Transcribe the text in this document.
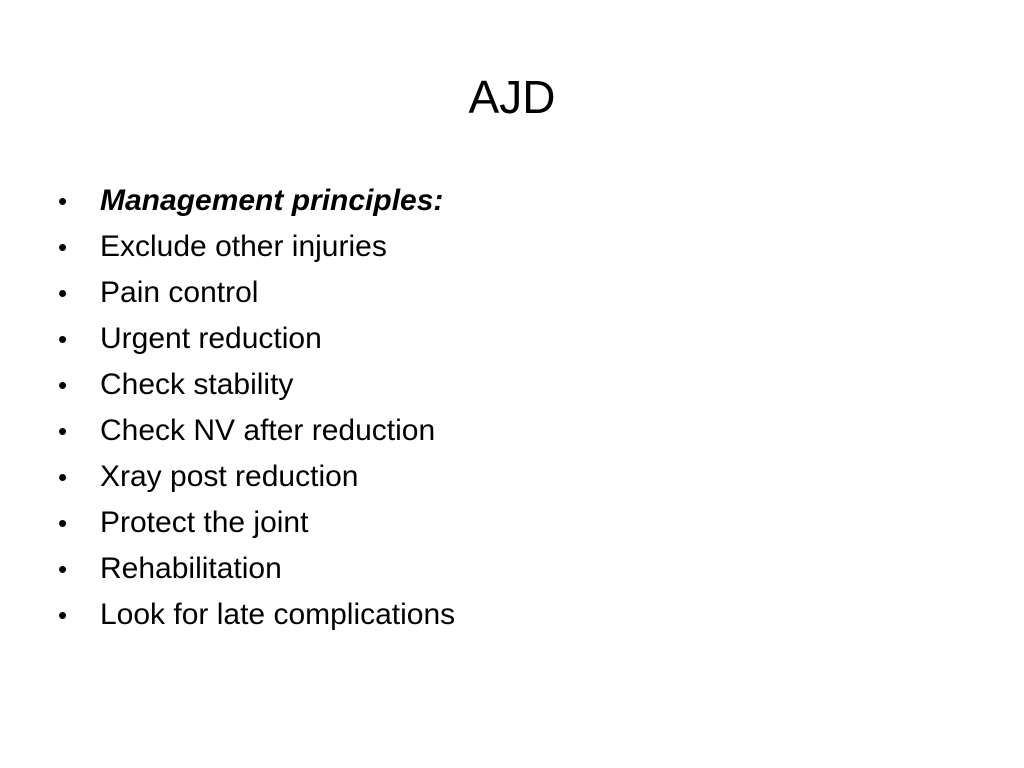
AJD
•	Management principles:
•	Exclude other injuries
•	Pain control
•	Urgent reduction
•	Check stability
•	Check NV after reduction
•	Xray post reduction
•	Protect the joint
•	Rehabilitation
•	Look for late complications
